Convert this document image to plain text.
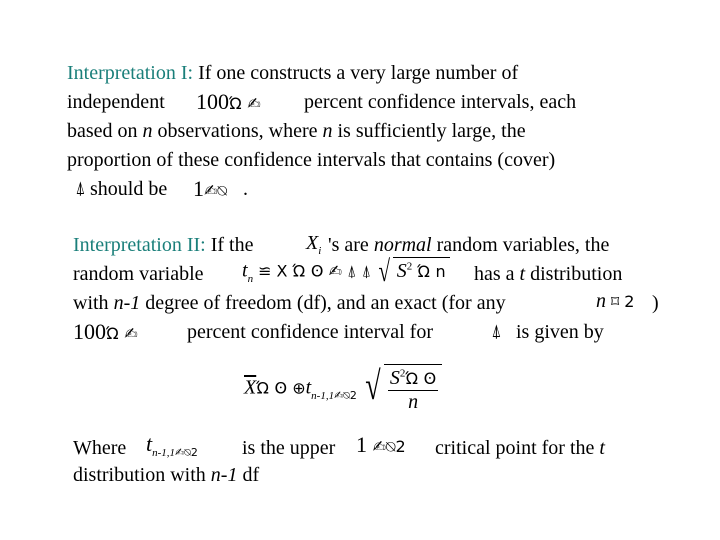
Interpretation I: If one constructs a very large number of
independent 100Ώ ✍ percent confidence intervals, each
based on n observations, where n is sufficiently large, the
proportion of these confidence intervals that contains (cover)
⍋ should be 1✍⍉ .
Interpretation II: If the	$X_i$ 's are normal random variables, the
random variable $t_n$ ≌ X Ώ ʘ ✍ ⍋ ⍋ √ $S^2$ Ώ n has a t distribution
with n-1 degree of freedom (df), and an exact (for any	n ⌑ 2 )
100Ώ ✍ percent confidence interval for	⍋ is given by
$\overline{X}Ώ$ ʘ $\oplus t_{n-1,1✍⍉2}$ √ $\frac{S^2Ώ ʘ}{n}$
Where $t_{n-1,1✍⍉2}$ is the upper 1 ✍⍉2 critical point for the t
distribution with n-1 df
